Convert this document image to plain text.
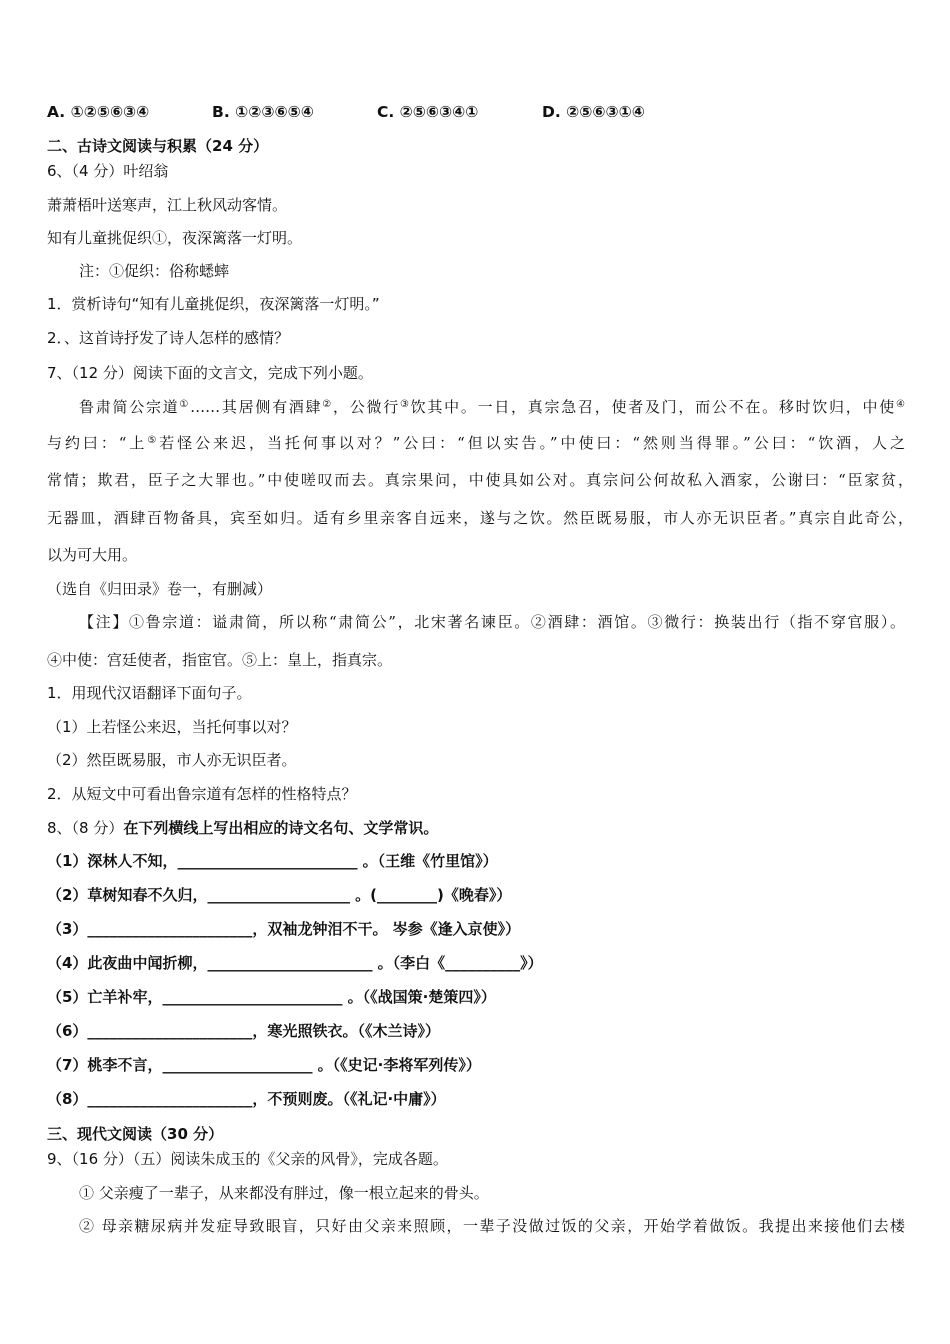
A. ①②⑤⑥③④	B. ①②③⑥⑤④	C. ②⑤⑥③④①	D. ②⑤⑥③①④
二、古诗文阅读与积累（24 分）
6、（4 分）叶绍翁
萧萧梧叶送寒声，江上秋风动客情。
知有儿童挑促织①，夜深篱落一灯明。
注：①促织：俗称蟋蟀
1．赏析诗句“知有儿童挑促织，夜深篱落一灯明。”
2．、这首诗抒发了诗人怎样的感情？
7、（12 分）阅读下面的文言文，完成下列小题。
鲁肃简公宗道①……其居侧有酒肆②，公微行③饮其中。一日，真宗急召，使者及门，而公不在。移时饮归，中使④
与约曰：“上⑤若怪公来迟，当托何事以对？”公曰：“但以实告。”中使曰：“然则当得罪。”公曰：“饮酒，人之
常情；欺君，臣子之大罪也。”中使嗟叹而去。真宗果问，中使具如公对。真宗问公何故私入酒家，公谢曰：“臣家贫，
无器皿，酒肆百物备具，宾至如归。适有乡里亲客自远来，遂与之饮。然臣既易服，市人亦无识臣者。”真宗自此奇公，
以为可大用。
（选自《归田录》卷一，有删减）
【注】①鲁宗道：谥肃简，所以称“肃简公”，北宋著名谏臣。②酒肆：酒馆。③微行：换装出行（指不穿官服）。
④中使：宫廷使者，指宦官。⑤上：皇上，指真宗。
1．用现代汉语翻译下面句子。
（1）上若怪公来迟，当托何事以对？
（2）然臣既易服，市人亦无识臣者。
2．从短文中可看出鲁宗道有怎样的性格特点？
8、（8 分）在下列横线上写出相应的诗文名句、文学常识。
（1）深林人不知，________________________ 。（王维《竹里馆》）
（2）草树知春不久归，___________________ 。(________)《晚春》）
（3）______________________，双袖龙钟泪不干。 岑参《逢入京使》）
（4）此夜曲中闻折柳，______________________ 。（李白《__________》）
（5）亡羊补牢，________________________ 。（《战国策·楚策四》）
（6）______________________，寒光照铁衣。（《木兰诗》）
（7）桃李不言，____________________ 。（《史记·李将军列传》）
（8）______________________，不预则废。（《礼记·中庸》）
三、现代文阅读（30 分）
9、（16 分）（五）阅读朱成玉的《父亲的风骨》，完成各题。
① 父亲瘦了一辈子，从来都没有胖过，像一根立起来的骨头。
② 母亲糖尿病并发症导致眼盲，只好由父亲来照顾，一辈子没做过饭的父亲，开始学着做饭。我提出来接他们去楼
